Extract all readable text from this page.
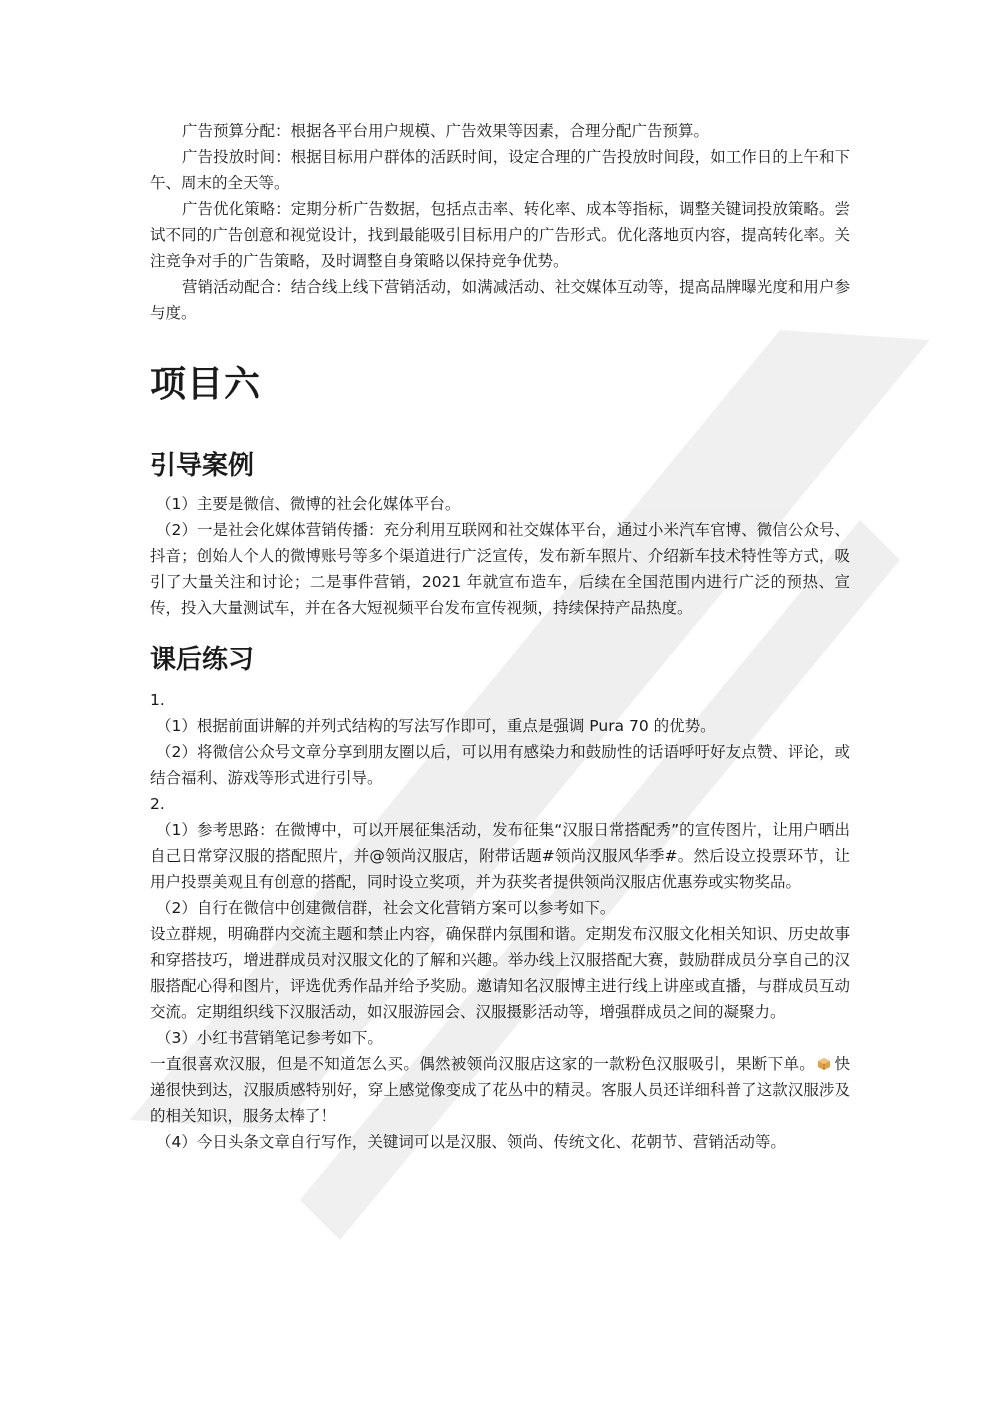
广告预算分配：根据各平台用户规模、广告效果等因素，合理分配广告预算。

广告投放时间：根据目标用户群体的活跃时间，设定合理的广告投放时间段，如工作日的上午和下午、周末的全天等。

广告优化策略：定期分析广告数据，包括点击率、转化率、成本等指标，调整关键词投放策略。尝试不同的广告创意和视觉设计，找到最能吸引目标用户的广告形式。优化落地页内容，提高转化率。关注竞争对手的广告策略，及时调整自身策略以保持竞争优势。

营销活动配合：结合线上线下营销活动，如满减活动、社交媒体互动等，提高品牌曝光度和用户参与度。

项目六
引导案例

（1）主要是微信、微博的社会化媒体平台。

（2）一是社会化媒体营销传播：充分利用互联网和社交媒体平台，通过小米汽车官博、微信公众号、抖音；创始人个人的微博账号等多个渠道进行广泛宣传，发布新车照片、介绍新车技术特性等方式，吸引了大量关注和讨论；二是事件营销，2021 年就宣布造车，后续在全国范围内进行广泛的预热、宣传，投入大量测试车，并在各大短视频平台发布宣传视频，持续保持产品热度。

课后练习

1.

（1）根据前面讲解的并列式结构的写法写作即可，重点是强调 Pura 70 的优势。

（2）将微信公众号文章分享到朋友圈以后，可以用有感染力和鼓励性的话语呼吁好友点赞、评论，或结合福利、游戏等形式进行引导。

2.

（1）参考思路：在微博中，可以开展征集活动，发布征集“汉服日常搭配秀”的宣传图片，让用户晒出自己日常穿汉服的搭配照片，并@领尚汉服店，附带话题#领尚汉服风华季#。然后设立投票环节，让用户投票美观且有创意的搭配，同时设立奖项，并为获奖者提供领尚汉服店优惠券或实物奖品。

（2）自行在微信中创建微信群，社会文化营销方案可以参考如下。

设立群规，明确群内交流主题和禁止内容，确保群内氛围和谐。定期发布汉服文化相关知识、历史故事和穿搭技巧，增进群成员对汉服文化的了解和兴趣。举办线上汉服搭配大赛，鼓励群成员分享自己的汉服搭配心得和图片，评选优秀作品并给予奖励。邀请知名汉服博主进行线上讲座或直播，与群成员互动交流。定期组织线下汉服活动，如汉服游园会、汉服摄影活动等，增强群成员之间的凝聚力。

（3）小红书营销笔记参考如下。

一直很喜欢汉服，但是不知道怎么买。偶然被领尚汉服店这家的一款粉色汉服吸引，果断下单。 快递很快到达，汉服质感特别好，穿上感觉像变成了花丛中的精灵。客服人员还详细科普了这款汉服涉及的相关知识，服务太棒了！

（4）今日头条文章自行写作，关键词可以是汉服、领尚、传统文化、花朝节、营销活动等。
